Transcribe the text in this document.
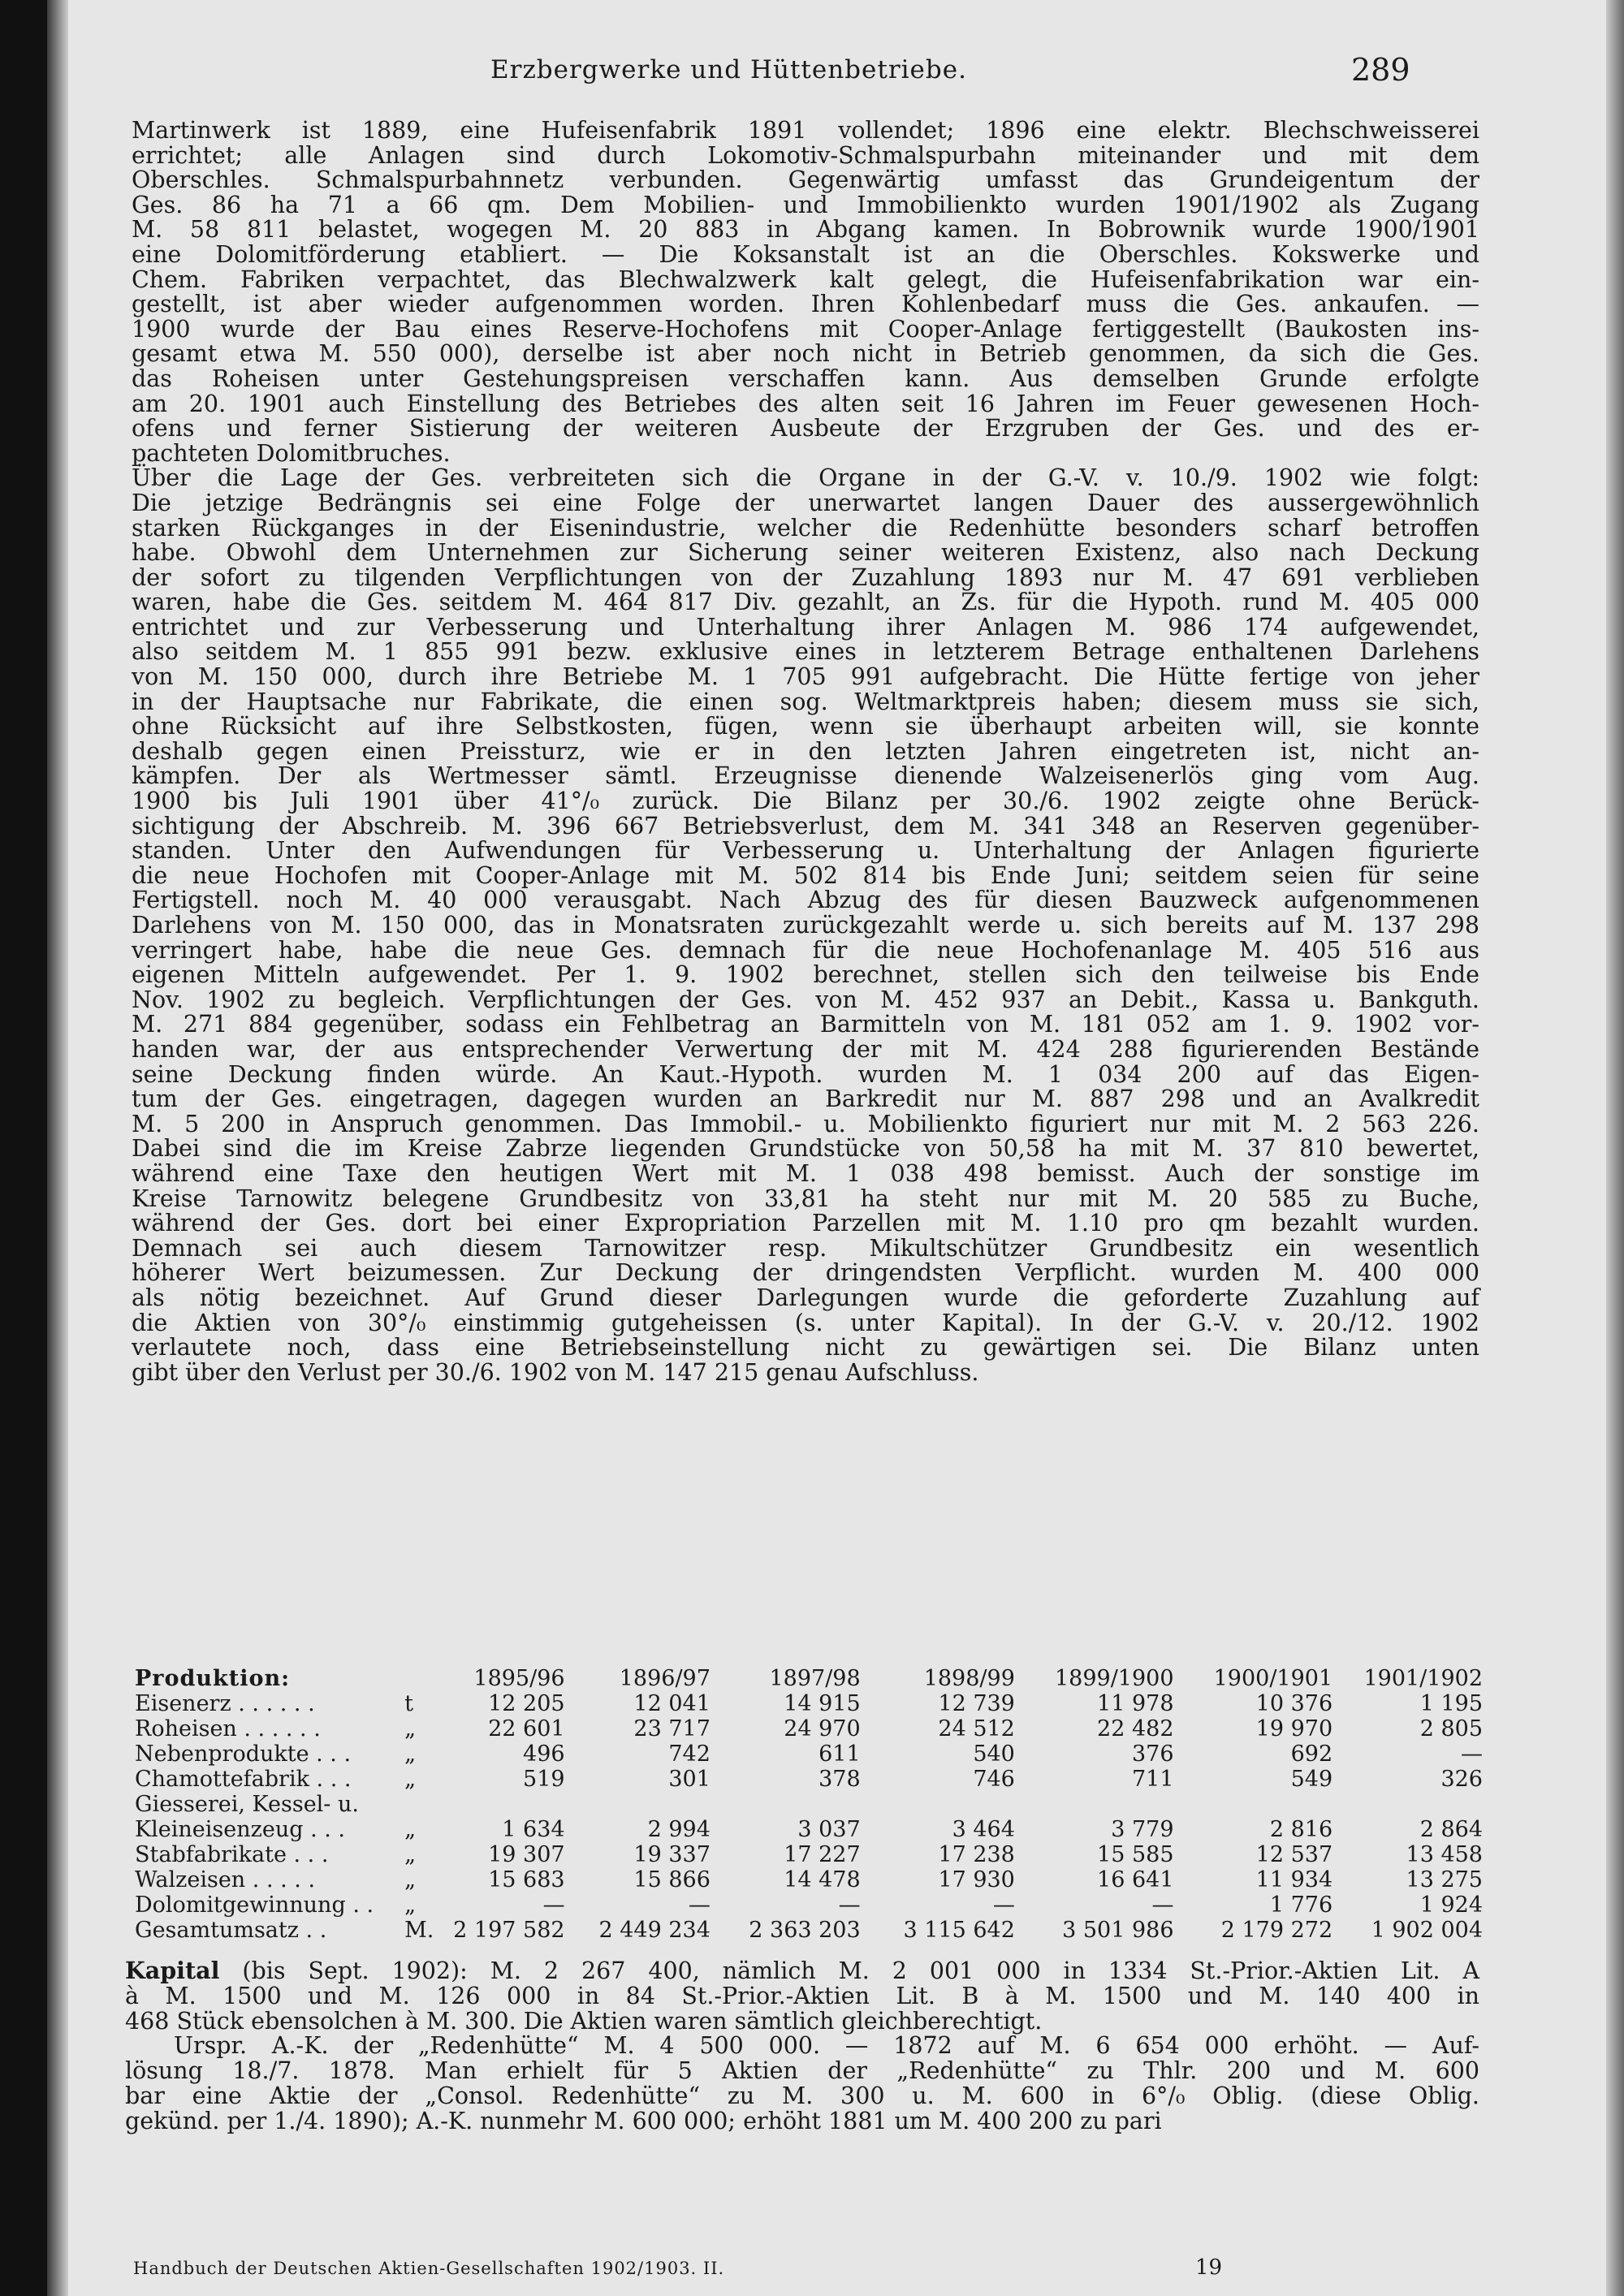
Erzbergwerke und Hüttenbetriebe.	289
Martinwerk ist 1889, eine Hufeisenfabrik 1891 vollendet; 1896 eine elektr. Blechschweisserei
errichtet; alle Anlagen sind durch Lokomotiv-Schmalspurbahn miteinander und mit dem
Oberschles. Schmalspurbahnnetz verbunden. Gegenwärtig umfasst das Grundeigentum der
Ges. 86 ha 71 a 66 qm. Dem Mobilien- und Immobilienkto wurden 1901/1902 als Zugang
M. 58 811 belastet, wogegen M. 20 883 in Abgang kamen. In Bobrownik wurde 1900/1901
eine Dolomitförderung etabliert. — Die Koksanstalt ist an die Oberschles. Kokswerke und
Chem. Fabriken verpachtet, das Blechwalzwerk kalt gelegt, die Hufeisenfabrikation war ein-
gestellt, ist aber wieder aufgenommen worden. Ihren Kohlenbedarf muss die Ges. ankaufen. —
1900 wurde der Bau eines Reserve-Hochofens mit Cooper-Anlage fertiggestellt (Baukosten ins-
gesamt etwa M. 550 000), derselbe ist aber noch nicht in Betrieb genommen, da sich die Ges.
das Roheisen unter Gestehungspreisen verschaffen kann. Aus demselben Grunde erfolgte
am 20. 1901 auch Einstellung des Betriebes des alten seit 16 Jahren im Feuer gewesenen Hoch-
ofens und ferner Sistierung der weiteren Ausbeute der Erzgruben der Ges. und des er-
pachteten Dolomitbruches.
Über die Lage der Ges. verbreiteten sich die Organe in der G.-V. v. 10./9. 1902 wie folgt:
Die jetzige Bedrängnis sei eine Folge der unerwartet langen Dauer des aussergewöhnlich
starken Rückganges in der Eisenindustrie, welcher die Redenhütte besonders scharf betroffen
habe. Obwohl dem Unternehmen zur Sicherung seiner weiteren Existenz, also nach Deckung
der sofort zu tilgenden Verpflichtungen von der Zuzahlung 1893 nur M. 47 691 verblieben
waren, habe die Ges. seitdem M. 464 817 Div. gezahlt, an Zs. für die Hypoth. rund M. 405 000
entrichtet und zur Verbesserung und Unterhaltung ihrer Anlagen M. 986 174 aufgewendet,
also seitdem M. 1 855 991 bezw. exklusive eines in letzterem Betrage enthaltenen Darlehens
von M. 150 000, durch ihre Betriebe M. 1 705 991 aufgebracht. Die Hütte fertige von jeher
in der Hauptsache nur Fabrikate, die einen sog. Weltmarktpreis haben; diesem muss sie sich,
ohne Rücksicht auf ihre Selbstkosten, fügen, wenn sie überhaupt arbeiten will, sie konnte
deshalb gegen einen Preissturz, wie er in den letzten Jahren eingetreten ist, nicht an-
kämpfen. Der als Wertmesser sämtl. Erzeugnisse dienende Walzeisenerlös ging vom Aug.
1900 bis Juli 1901 über 41°/₀ zurück. Die Bilanz per 30./6. 1902 zeigte ohne Berück-
sichtigung der Abschreib. M. 396 667 Betriebsverlust, dem M. 341 348 an Reserven gegenüber-
standen. Unter den Aufwendungen für Verbesserung u. Unterhaltung der Anlagen figurierte
die neue Hochofen mit Cooper-Anlage mit M. 502 814 bis Ende Juni; seitdem seien für seine
Fertigstell. noch M. 40 000 verausgabt. Nach Abzug des für diesen Bauzweck aufgenommenen
Darlehens von M. 150 000, das in Monatsraten zurückgezahlt werde u. sich bereits auf M. 137 298
verringert habe, habe die neue Ges. demnach für die neue Hochofenanlage M. 405 516 aus
eigenen Mitteln aufgewendet. Per 1. 9. 1902 berechnet, stellen sich den teilweise bis Ende
Nov. 1902 zu begleich. Verpflichtungen der Ges. von M. 452 937 an Debit., Kassa u. Bankguth.
M. 271 884 gegenüber, sodass ein Fehlbetrag an Barmitteln von M. 181 052 am 1. 9. 1902 vor-
handen war, der aus entsprechender Verwertung der mit M. 424 288 figurierenden Bestände
seine Deckung finden würde. An Kaut.-Hypoth. wurden M. 1 034 200 auf das Eigen-
tum der Ges. eingetragen, dagegen wurden an Barkredit nur M. 887 298 und an Avalkredit
M. 5 200 in Anspruch genommen. Das Immobil.- u. Mobilienkto figuriert nur mit M. 2 563 226.
Dabei sind die im Kreise Zabrze liegenden Grundstücke von 50,58 ha mit M. 37 810 bewertet,
während eine Taxe den heutigen Wert mit M. 1 038 498 bemisst. Auch der sonstige im
Kreise Tarnowitz belegene Grundbesitz von 33,81 ha steht nur mit M. 20 585 zu Buche,
während der Ges. dort bei einer Expropriation Parzellen mit M. 1.10 pro qm bezahlt wurden.
Demnach sei auch diesem Tarnowitzer resp. Mikultschützer Grundbesitz ein wesentlich
höherer Wert beizumessen. Zur Deckung der dringendsten Verpflicht. wurden M. 400 000
als nötig bezeichnet. Auf Grund dieser Darlegungen wurde die geforderte Zuzahlung auf
die Aktien von 30°/₀ einstimmig gutgeheissen (s. unter Kapital). In der G.-V. v. 20./12. 1902
verlautete noch, dass eine Betriebseinstellung nicht zu gewärtigen sei. Die Bilanz unten
gibt über den Verlust per 30./6. 1902 von M. 147 215 genau Aufschluss.
Produktion:		1895/96	1896/97	1897/98	1898/99	1899/1900	1900/1901	1901/1902
Eisenerz . . . . . .	t	12 205	12 041	14 915	12 739	11 978	10 376	1 195
Roheisen . . . . . .	„	22 601	23 717	24 970	24 512	22 482	19 970	2 805
Nebenprodukte . . .	„	496	742	611	540	376	692	—
Chamottefabrik . . .	„	519	301	378	746	711	549	326
Giesserei, Kessel- u.								
Kleineisenzeug . . .	„	1 634	2 994	3 037	3 464	3 779	2 816	2 864
Stabfabrikate . . .	„	19 307	19 337	17 227	17 238	15 585	12 537	13 458
Walzeisen . . . . .	„	15 683	15 866	14 478	17 930	16 641	11 934	13 275
Dolomitgewinnung . .	„	—	—	—	—	—	1 776	1 924
Gesamtumsatz . .	M.	2 197 582	2 449 234	2 363 203	3 115 642	3 501 986	2 179 272	1 902 004
Kapital (bis Sept. 1902): M. 2 267 400, nämlich M. 2 001 000 in 1334 St.-Prior.-Aktien Lit. A
à M. 1500 und M. 126 000 in 84 St.-Prior.-Aktien Lit. B à M. 1500 und M. 140 400 in
468 Stück ebensolchen à M. 300. Die Aktien waren sämtlich gleichberechtigt.
Urspr. A.-K. der „Redenhütte“ M. 4 500 000. — 1872 auf M. 6 654 000 erhöht. — Auf-
lösung 18./7. 1878. Man erhielt für 5 Aktien der „Redenhütte“ zu Thlr. 200 und M. 600
bar eine Aktie der „Consol. Redenhütte“ zu M. 300 u. M. 600 in 6°/₀ Oblig. (diese Oblig.
gekünd. per 1./4. 1890); A.-K. nunmehr M. 600 000; erhöht 1881 um M. 400 200 zu pari
Handbuch der Deutschen Aktien-Gesellschaften 1902/1903. II.	19
